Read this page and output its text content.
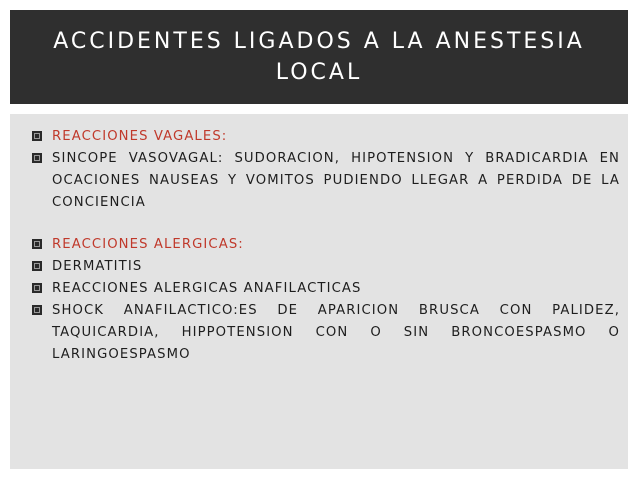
ACCIDENTES LIGADOS A LA ANESTESIA LOCAL
REACCIONES VAGALES:
SINCOPE VASOVAGAL: SUDORACION, HIPOTENSION Y BRADICARDIA EN OCACIONES NAUSEAS Y VOMITOS PUDIENDO LLEGAR A PERDIDA DE LA CONCIENCIA
REACCIONES ALERGICAS:
DERMATITIS
REACCIONES ALERGICAS ANAFILACTICAS
SHOCK ANAFILACTICO:ES DE APARICION BRUSCA CON PALIDEZ, TAQUICARDIA, HIPPOTENSION CON O SIN BRONCOESPASMO O LARINGOESPASMO
